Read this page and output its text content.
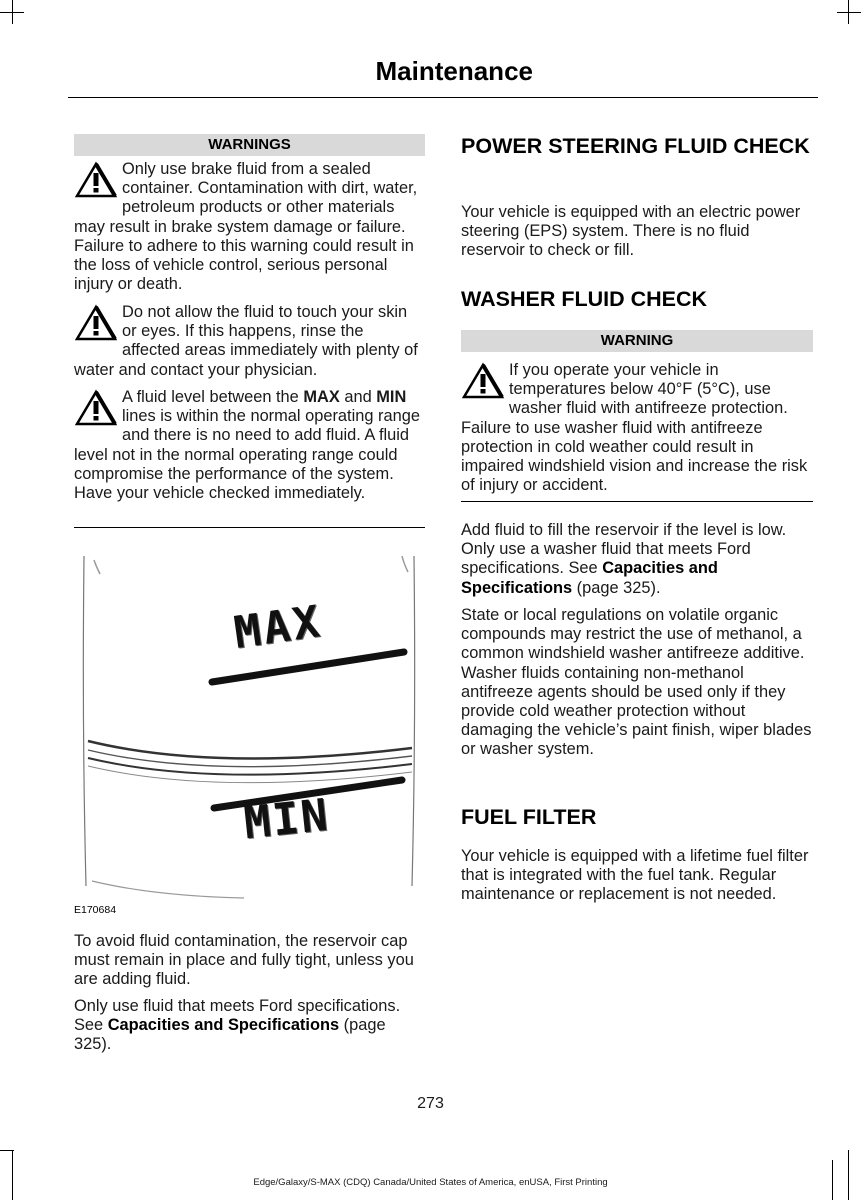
Maintenance
WARNINGS
Only use brake fluid from a sealed container. Contamination with dirt, water, petroleum products or other materials may result in brake system damage or failure. Failure to adhere to this warning could result in the loss of vehicle control, serious personal injury or death.
Do not allow the fluid to touch your skin or eyes. If this happens, rinse the affected areas immediately with plenty of water and contact your physician.
A fluid level between the MAX and MIN lines is within the normal operating range and there is no need to add fluid. A fluid level not in the normal operating range could compromise the performance of the system. Have your vehicle checked immediately.
MAX
MIN
E170684
To avoid fluid contamination, the reservoir cap must remain in place and fully tight, unless you are adding fluid.
Only use fluid that meets Ford specifications. See Capacities and Specifications (page 325).
POWER STEERING FLUID CHECK
Your vehicle is equipped with an electric power steering (EPS) system. There is no fluid reservoir to check or fill.
WASHER FLUID CHECK
WARNING
If you operate your vehicle in temperatures below 40°F (5°C), use washer fluid with antifreeze protection. Failure to use washer fluid with antifreeze protection in cold weather could result in impaired windshield vision and increase the risk of injury or accident.
Add fluid to fill the reservoir if the level is low. Only use a washer fluid that meets Ford specifications. See Capacities and Specifications (page 325).
State or local regulations on volatile organic compounds may restrict the use of methanol, a common windshield washer antifreeze additive. Washer fluids containing non-methanol antifreeze agents should be used only if they provide cold weather protection without damaging the vehicle’s paint finish, wiper blades or washer system.
FUEL FILTER
Your vehicle is equipped with a lifetime fuel filter that is integrated with the fuel tank. Regular maintenance or replacement is not needed.
273
Edge/Galaxy/S-MAX (CDQ) Canada/United States of America, enUSA, First Printing
